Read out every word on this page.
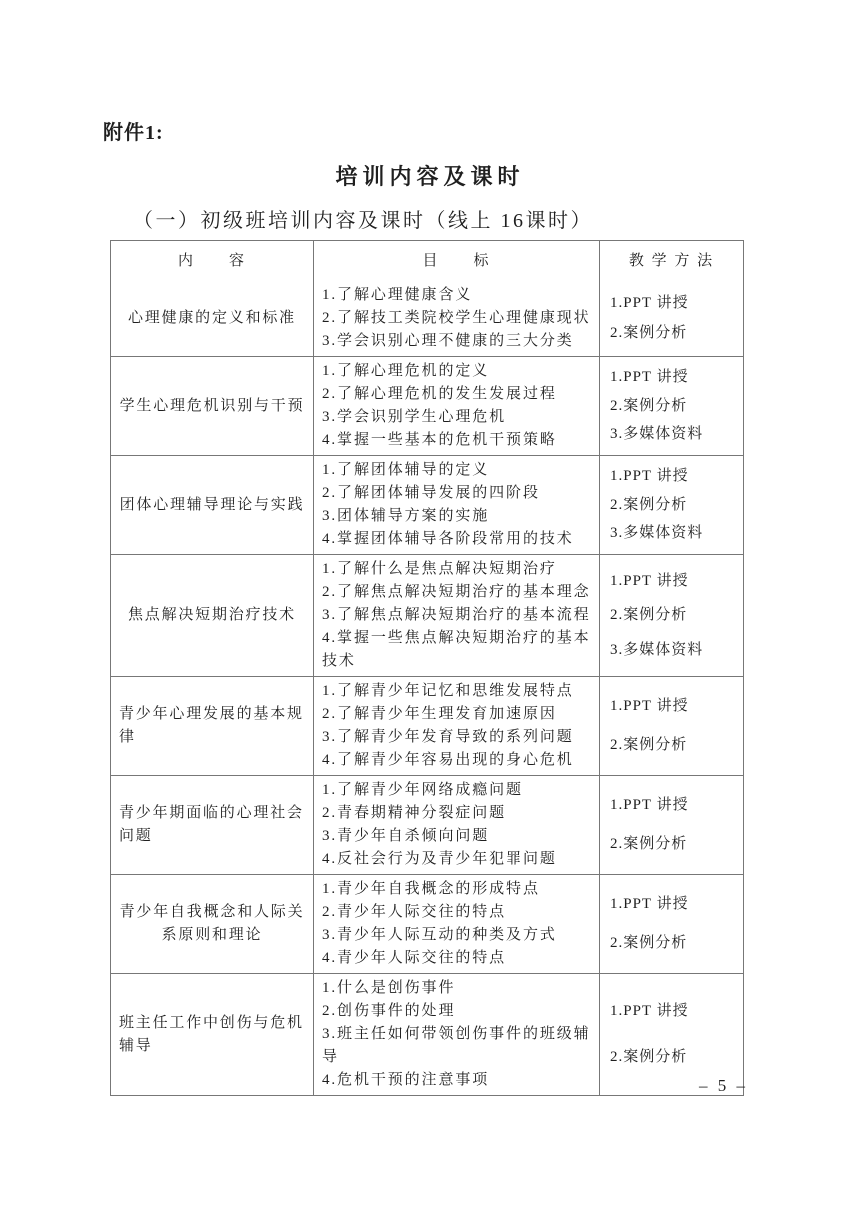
附件1:
培训内容及课时
（一）初级班培训内容及课时（线上 16课时）
内　　容	目　　标	教 学 方 法
心理健康的定义和标准
1.了解心理健康含义
2.了解技工类院校学生心理健康现状
3.学会识别心理不健康的三大分类
1.PPT 讲授
2.案例分析
学生心理危机识别与干预
1.了解心理危机的定义
2.了解心理危机的发生发展过程
3.学会识别学生心理危机
4.掌握一些基本的危机干预策略
1.PPT 讲授
2.案例分析
3.多媒体资料
团体心理辅导理论与实践
1.了解团体辅导的定义
2.了解团体辅导发展的四阶段
3.团体辅导方案的实施
4.掌握团体辅导各阶段常用的技术
1.PPT 讲授
2.案例分析
3.多媒体资料
焦点解决短期治疗技术
1.了解什么是焦点解决短期治疗
2.了解焦点解决短期治疗的基本理念
3.了解焦点解决短期治疗的基本流程
4.掌握一些焦点解决短期治疗的基本技术
1.PPT 讲授
2.案例分析
3.多媒体资料
青少年心理发展的基本规律
1.了解青少年记忆和思维发展特点
2.了解青少年生理发育加速原因
3.了解青少年发育导致的系列问题
4.了解青少年容易出现的身心危机
1.PPT 讲授
2.案例分析
青少年期面临的心理社会问题
1.了解青少年网络成瘾问题
2.青春期精神分裂症问题
3.青少年自杀倾向问题
4.反社会行为及青少年犯罪问题
1.PPT 讲授
2.案例分析
青少年自我概念和人际关系原则和理论
1.青少年自我概念的形成特点
2.青少年人际交往的特点
3.青少年人际互动的种类及方式
4.青少年人际交往的特点
1.PPT 讲授
2.案例分析
班主任工作中创伤与危机辅导
1.什么是创伤事件
2.创伤事件的处理
3.班主任如何带领创伤事件的班级辅导
4.危机干预的注意事项
1.PPT 讲授
2.案例分析
– 5 –
